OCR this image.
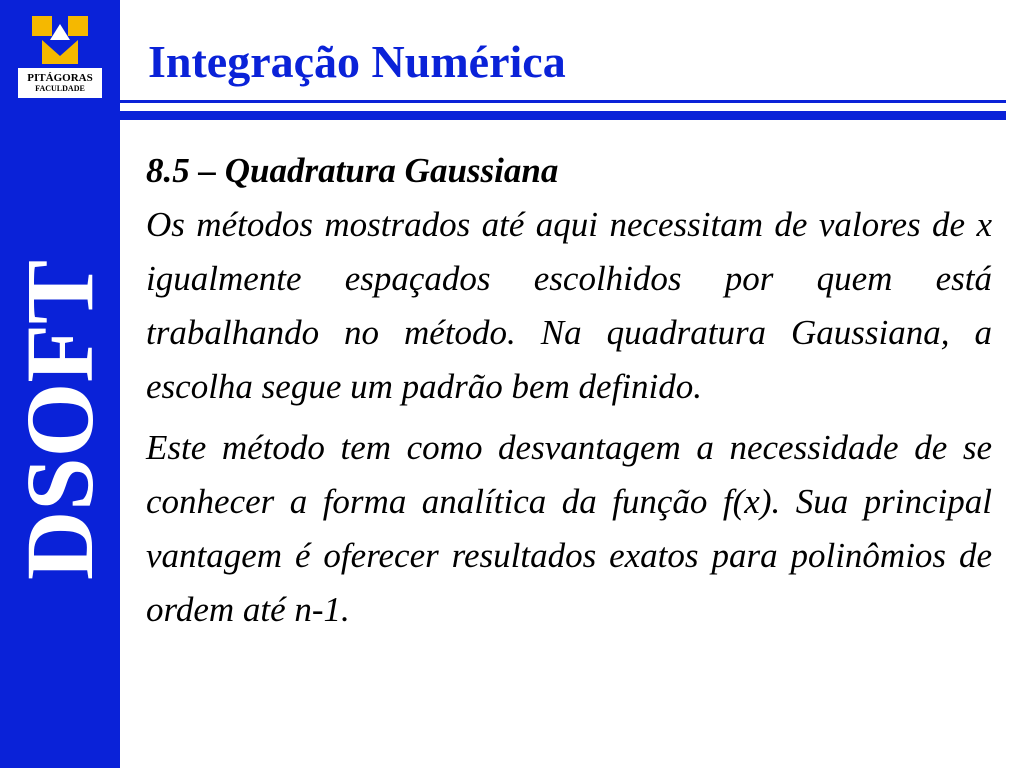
PITÁGORAS
FACULDADE
DSOFT
Integração Numérica
8.5 – Quadratura Gaussiana

Os métodos mostrados até aqui necessitam de valores de x igualmente espaçados escolhidos por quem está trabalhando no método. Na quadratura Gaussiana, a escolha segue um padrão bem definido.

Este método tem como desvantagem a necessidade de se conhecer a forma analítica da função f(x). Sua principal vantagem é oferecer resultados exatos para polinômios de ordem até n-1.
